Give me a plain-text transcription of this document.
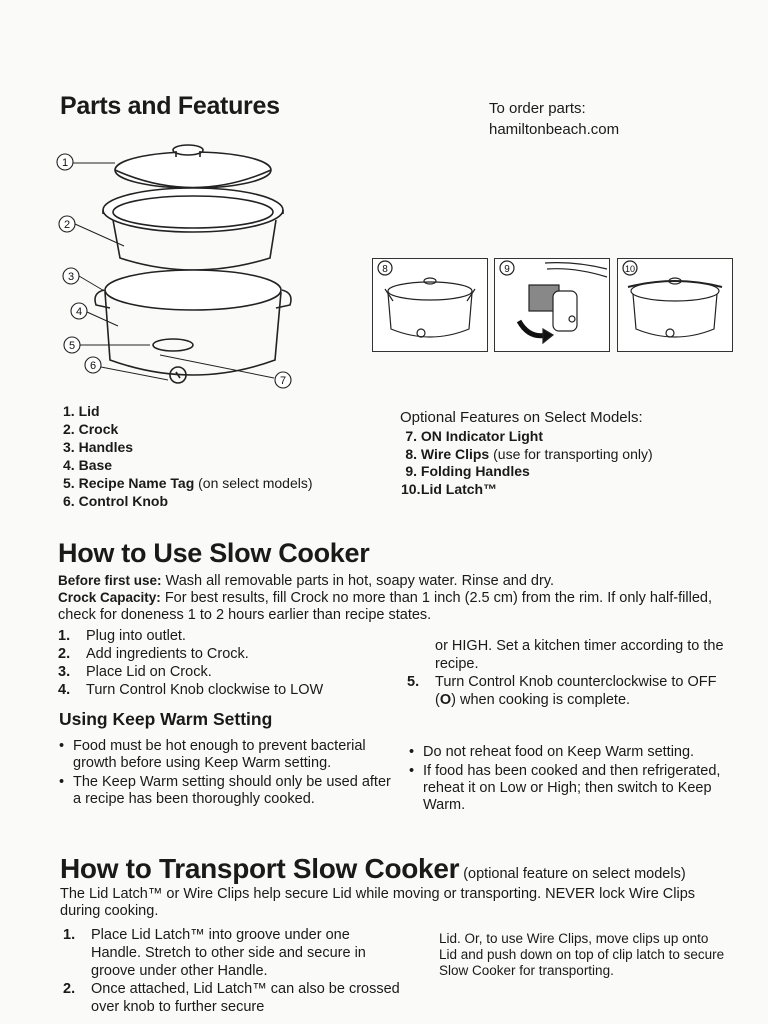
Parts and Features	To order parts:
hamiltonbeach.com
1
2
3
4
5
6
7
8	9	10
1. Lid
2. Crock
3. Handles
4. Base
5. Recipe Name Tag (on select models)
6. Control Knob
Optional Features on Select Models:
7. ON Indicator Light
8. Wire Clips (use for transporting only)
9. Folding Handles
10. Lid Latch™
How to Use Slow Cooker
Before first use: Wash all removable parts in hot, soapy water. Rinse and dry.
Crock Capacity: For best results, fill Crock no more than 1 inch (2.5 cm) from the rim. If only half-filled, check for doneness 1 to 2 hours earlier than recipe states.
1. Plug into outlet.
2. Add ingredients to Crock.
3. Place Lid on Crock.
4. Turn Control Knob clockwise to LOW
or HIGH. Set a kitchen timer according to the recipe.
5. Turn Control Knob counterclockwise to OFF (O) when cooking is complete.
Using Keep Warm Setting
• Food must be hot enough to prevent bacterial growth before using Keep Warm setting.
• The Keep Warm setting should only be used after a recipe has been thoroughly cooked.
• Do not reheat food on Keep Warm setting.
• If food has been cooked and then refrigerated, reheat it on Low or High; then switch to Keep Warm.
How to Transport Slow Cooker (optional feature on select models)
The Lid Latch™ or Wire Clips help secure Lid while moving or transporting. NEVER lock Wire Clips during cooking.
1. Place Lid Latch™ into groove under one Handle. Stretch to other side and secure in groove under other Handle.
2. Once attached, Lid Latch™ can also be crossed over knob to further secure
Lid. Or, to use Wire Clips, move clips up onto Lid and push down on top of clip latch to secure Slow Cooker for transporting.
